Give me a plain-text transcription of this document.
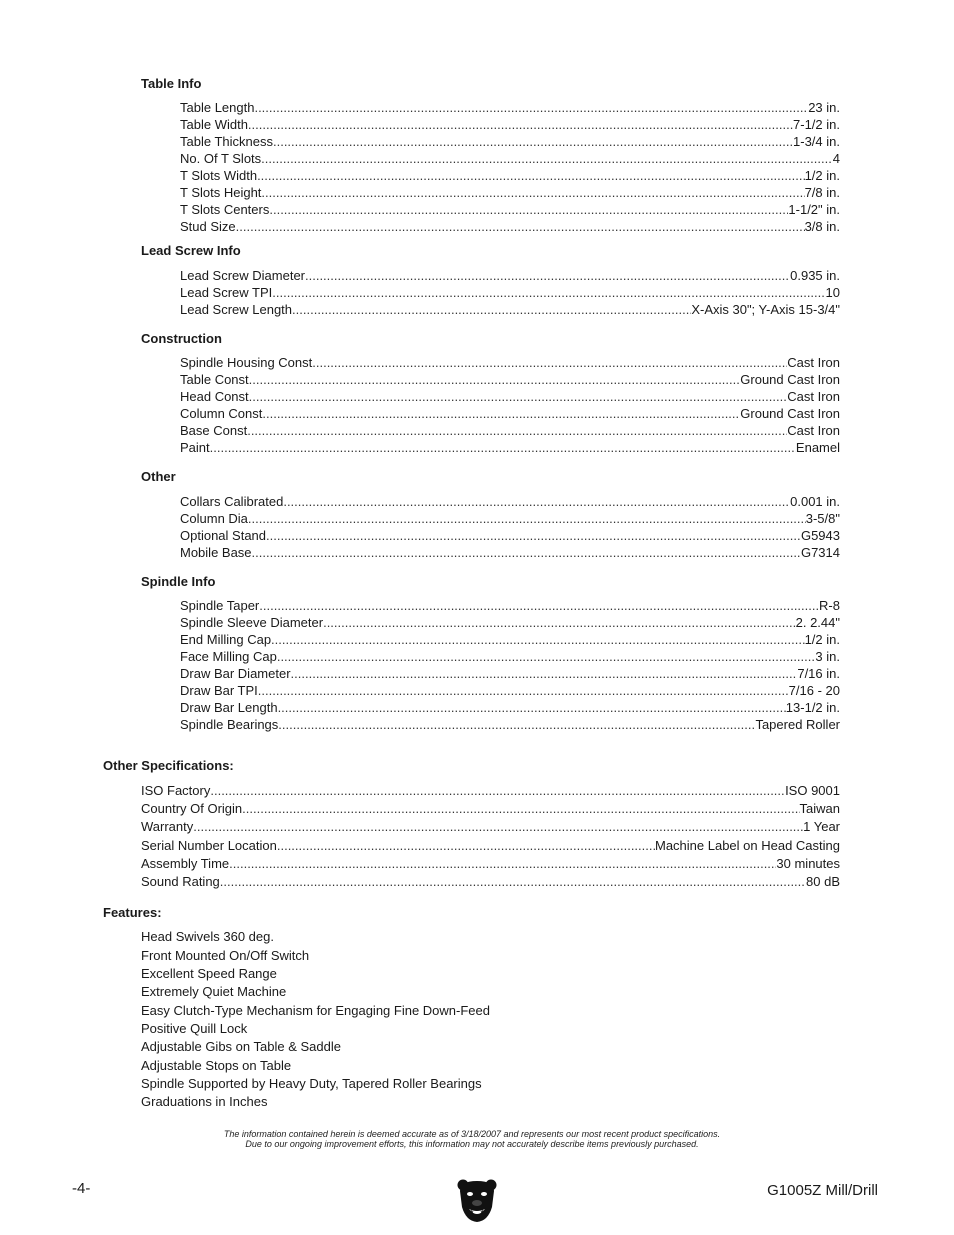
Table Info
Table Length .....	23 in.
Table Width .....	7-1/2 in.
Table Thickness .....	1-3/4 in.
No. Of T Slots .....	4
T Slots Width .....	1/2 in.
T Slots Height .....	7/8 in.
T Slots Centers .....	1-1/2" in.
Stud Size .....	3/8 in.
Lead Screw Info
Lead Screw Diameter .....	0.935 in.
Lead Screw TPI .....	10
Lead Screw Length .....	X-Axis 30"; Y-Axis 15-3/4"
Construction
Spindle Housing Const .....	Cast Iron
Table Const .....	Ground Cast Iron
Head Const .....	Cast Iron
Column Const .....	Ground Cast Iron
Base Const .....	Cast Iron
Paint .....	Enamel
Other
Collars Calibrated .....	0.001 in.
Column Dia .....	3-5/8"
Optional Stand .....	G5943
Mobile Base .....	G7314
Spindle Info
Spindle Taper .....	R-8
Spindle Sleeve Diameter .....	2. 2.44"
End Milling Cap .....	1/2 in.
Face Milling Cap .....	3 in.
Draw Bar Diameter .....	7/16 in.
Draw Bar TPI .....	7/16 - 20
Draw Bar Length .....	13-1/2 in.
Spindle Bearings .....	Tapered Roller
Other Specifications:
ISO Factory .....	ISO 9001
Country Of Origin .....	Taiwan
Warranty .....	1 Year
Serial Number Location .....	Machine Label on Head Casting
Assembly Time .....	30 minutes
Sound Rating .....	80 dB
Features:
Head Swivels 360 deg.
Front Mounted On/Off Switch
Excellent Speed Range
Extremely Quiet Machine
Easy Clutch-Type Mechanism for Engaging Fine Down-Feed
Positive Quill Lock
Adjustable Gibs on Table & Saddle
Adjustable Stops on Table
Spindle Supported by Heavy Duty, Tapered Roller Bearings
Graduations in Inches
The information contained herein is deemed accurate as of 3/18/2007 and represents our most recent product specifications.
Due to our ongoing improvement efforts, this information may not accurately describe items previously purchased.
-4-	G1005Z Mill/Drill
